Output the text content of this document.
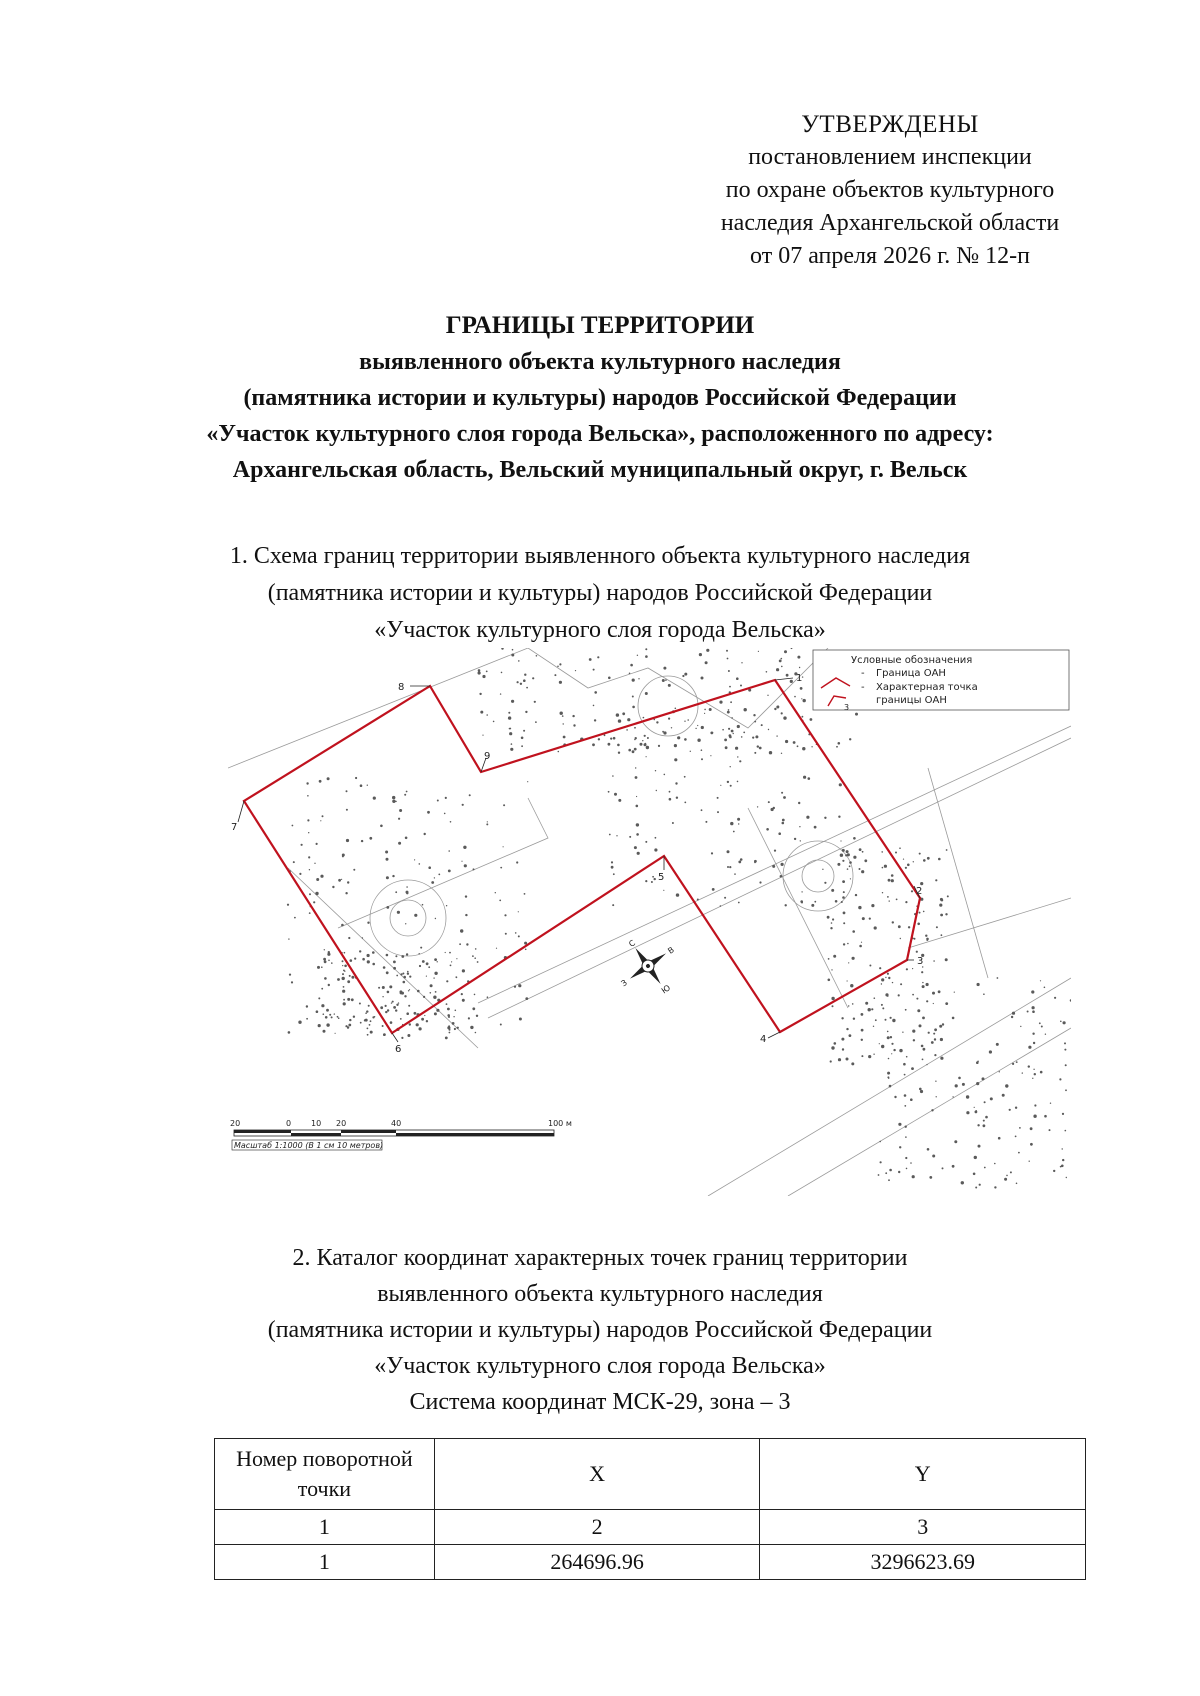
УТВЕРЖДЕНЫ
постановлением инспекции
по охране объектов культурного
наследия Архангельской области
от 07 апреля 2026 г. № 12-п
ГРАНИЦЫ ТЕРРИТОРИИ
выявленного объекта культурного наследия
(памятника истории и культуры) народов Российской Федерации
«Участок культурного слоя города Вельска», расположенного по адресу:
Архангельская область, Вельский муниципальный округ, г. Вельск
1. Схема границ территории выявленного объекта культурного наследия
(памятника истории и культуры) народов Российской Федерации
«Участок культурного слоя города Вельска»
Условные обозначения
- Граница ОАН
3
- Характерная точка
границы ОАН
1
2
3
4
5
6
7
8
9
С
Ю
З
В
20	0 10 20	40	100 м
Масштаб 1:1000 (В 1 см 10 метров)
2. Каталог координат характерных точек границ территории
выявленного объекта культурного наследия
(памятника истории и культуры) народов Российской Федерации
«Участок культурного слоя города Вельска»
Система координат МСК-29, зона – 3
Номер поворотной точки	X	Y
1	2	3
1	264696.96	3296623.69
